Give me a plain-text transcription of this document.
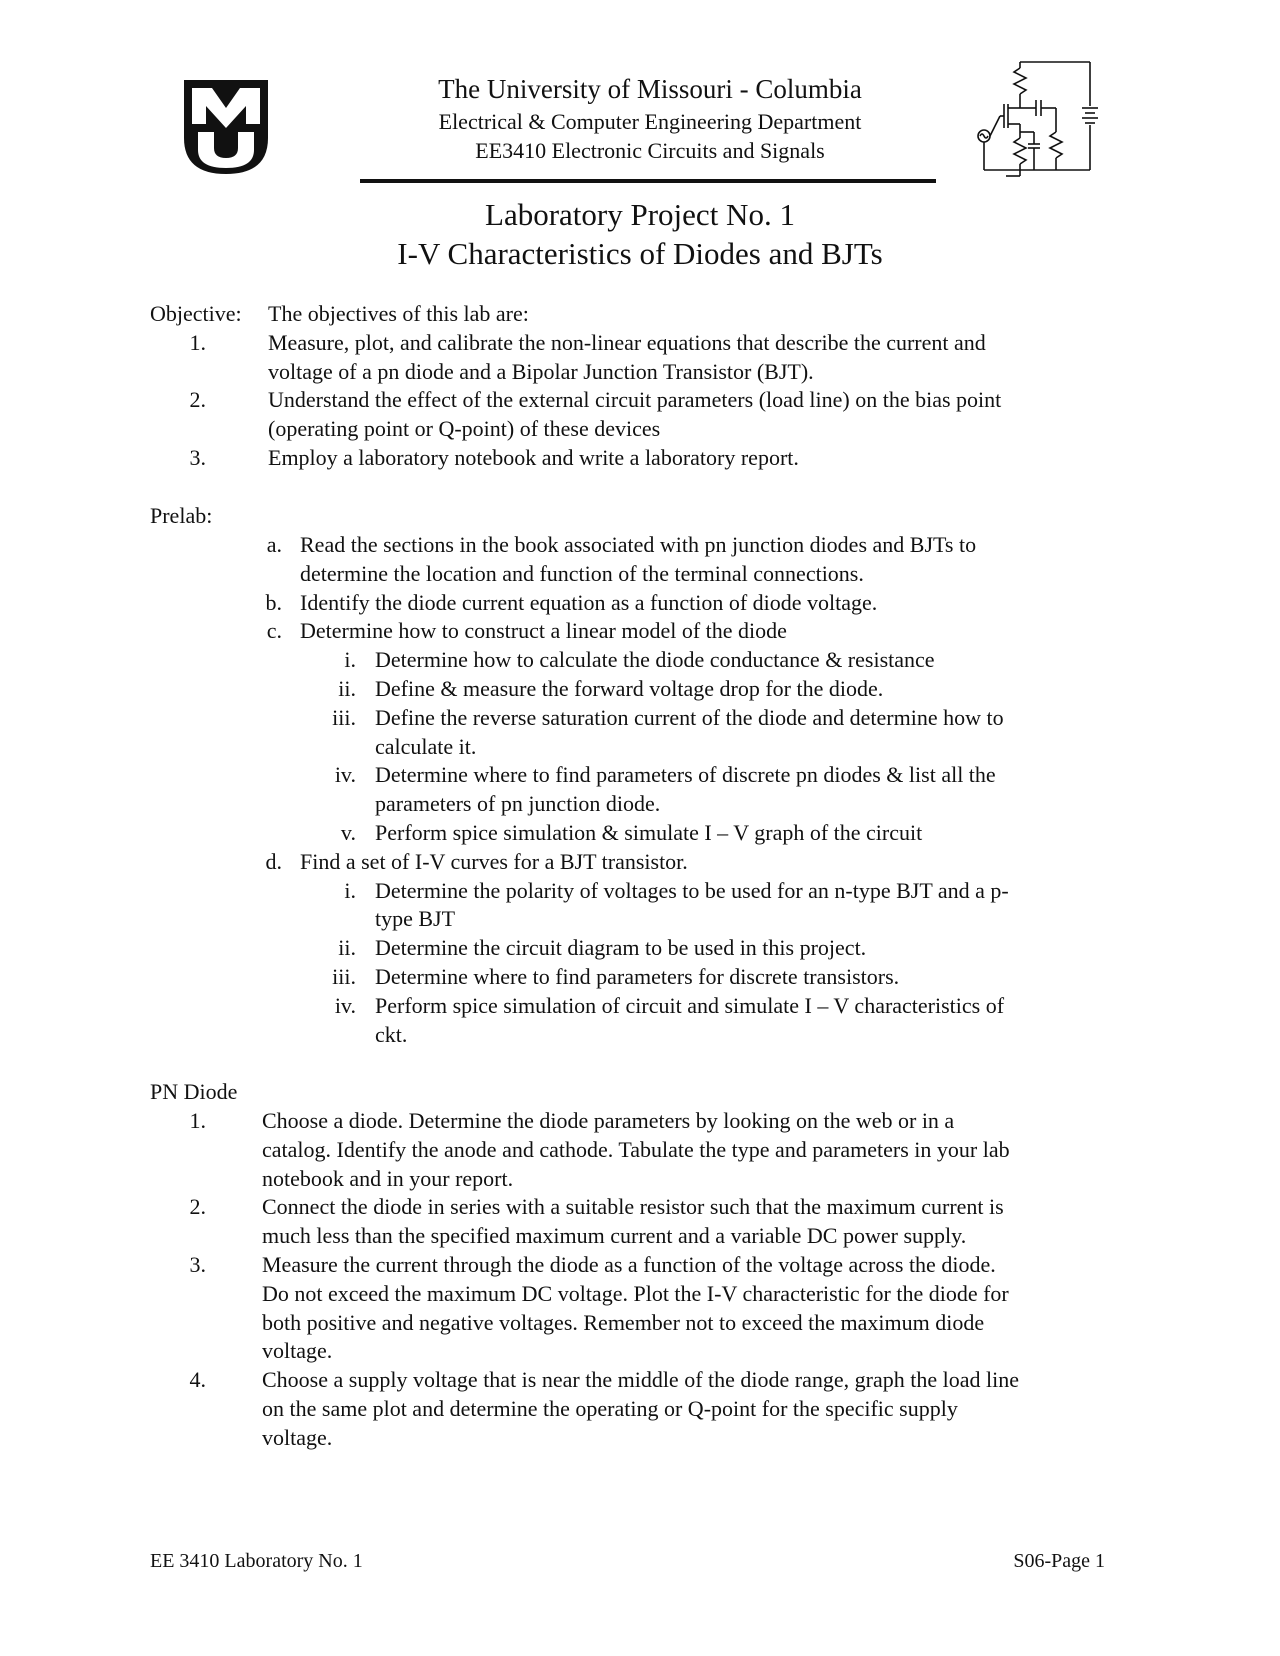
The University of Missouri - Columbia
Electrical & Computer Engineering Department
EE3410 Electronic Circuits and Signals
Laboratory Project No. 1
I-V Characteristics of Diodes and BJTs
Objective: The objectives of this lab are:
1.	Measure, plot, and calibrate the non-linear equations that describe the current and
voltage of a pn diode and a Bipolar Junction Transistor (BJT).
2.	Understand the effect of the external circuit parameters (load line) on the bias point
(operating point or Q-point) of these devices
3.	Employ a laboratory notebook and write a laboratory report.
Prelab:
a. Read the sections in the book associated with pn junction diodes and BJTs to
determine the location and function of the terminal connections.
b. Identify the diode current equation as a function of diode voltage.
c. Determine how to construct a linear model of the diode
i. Determine how to calculate the diode conductance & resistance
ii. Define & measure the forward voltage drop for the diode.
iii. Define the reverse saturation current of the diode and determine how to
calculate it.
iv. Determine where to find parameters of discrete pn diodes & list all the
parameters of pn junction diode.
v. Perform spice simulation & simulate I – V graph of the circuit
d. Find a set of I-V curves for a BJT transistor.
i. Determine the polarity of voltages to be used for an n-type BJT and a p-
type BJT
ii. Determine the circuit diagram to be used in this project.
iii. Determine where to find parameters for discrete transistors.
iv. Perform spice simulation of circuit and simulate I – V characteristics of
ckt.
PN Diode
1.	Choose a diode. Determine the diode parameters by looking on the web or in a
catalog. Identify the anode and cathode. Tabulate the type and parameters in your lab
notebook and in your report.
2.	Connect the diode in series with a suitable resistor such that the maximum current is
much less than the specified maximum current and a variable DC power supply.
3.	Measure the current through the diode as a function of the voltage across the diode.
Do not exceed the maximum DC voltage. Plot the I-V characteristic for the diode for
both positive and negative voltages. Remember not to exceed the maximum diode
voltage.
4.	Choose a supply voltage that is near the middle of the diode range, graph the load line
on the same plot and determine the operating or Q-point for the specific supply
voltage.
EE 3410 Laboratory No. 1	S06-Page 1
